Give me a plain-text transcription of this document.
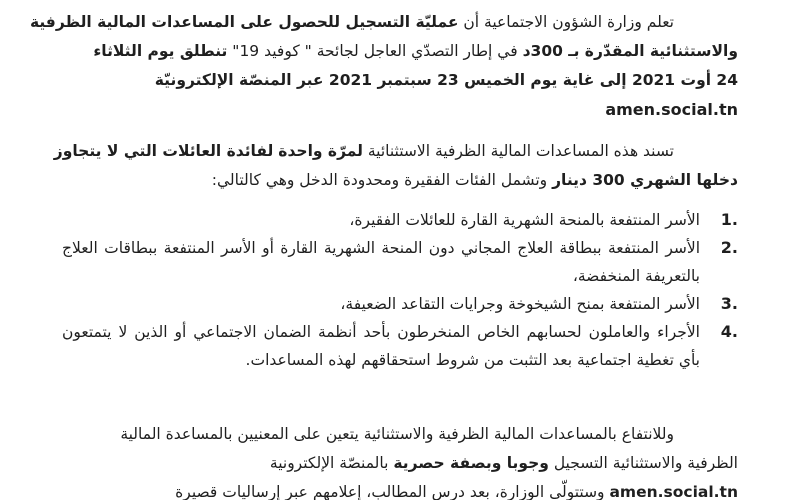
تعلم وزارة الشؤون الاجتماعية أن عمليّة التسجيل للحصول على المساعدات المالية الظرفية
والاستثنائية المقدّرة بـ 300د في إطار التصدّي العاجل لجائحة " كوفيد 19" تنطلق يوم الثلاثاء
24 أوت 2021 إلى غاية يوم الخميس 23 سبتمبر 2021 عبر المنصّة الإلكترونيّة
amen.social.tn
تسند هذه المساعدات المالية الظرفية الاستثنائية لمرّة واحدة لفائدة العائلات التي لا يتجاوز
دخلها الشهري 300 دينار وتشمل الفئات الفقيرة ومحدودة الدخل وهي كالتالي:
1.
الأسر المنتفعة بالمنحة الشهرية القارة للعائلات الفقيرة،
2.
الأسر المنتفعة ببطاقة العلاج المجاني دون المنحة الشهرية القارة أو الأسر المنتفعة ببطاقات العلاج بالتعريفة المنخفضة،
3.
الأسر المنتفعة بمنح الشيخوخة وجرايات التقاعد الضعيفة،
4.
الأجراء والعاملون لحسابهم الخاص المنخرطون بأحد أنظمة الضمان الاجتماعي أو الذين لا يتمتعون بأي تغطية اجتماعية بعد التثبت من شروط استحقاقهم لهذه المساعدات.
وللانتفاع بالمساعدات المالية الظرفية والاستثنائية يتعين على المعنيين بالمساعدة المالية
الظرفية والاستثنائية التسجيل وجوبا وبصفة حصرية بالمنصّة الإلكترونية
amen.social.tn وستتولّى الوزارة، بعد درس المطالب، إعلامهم عبر إرساليات قصيرة
